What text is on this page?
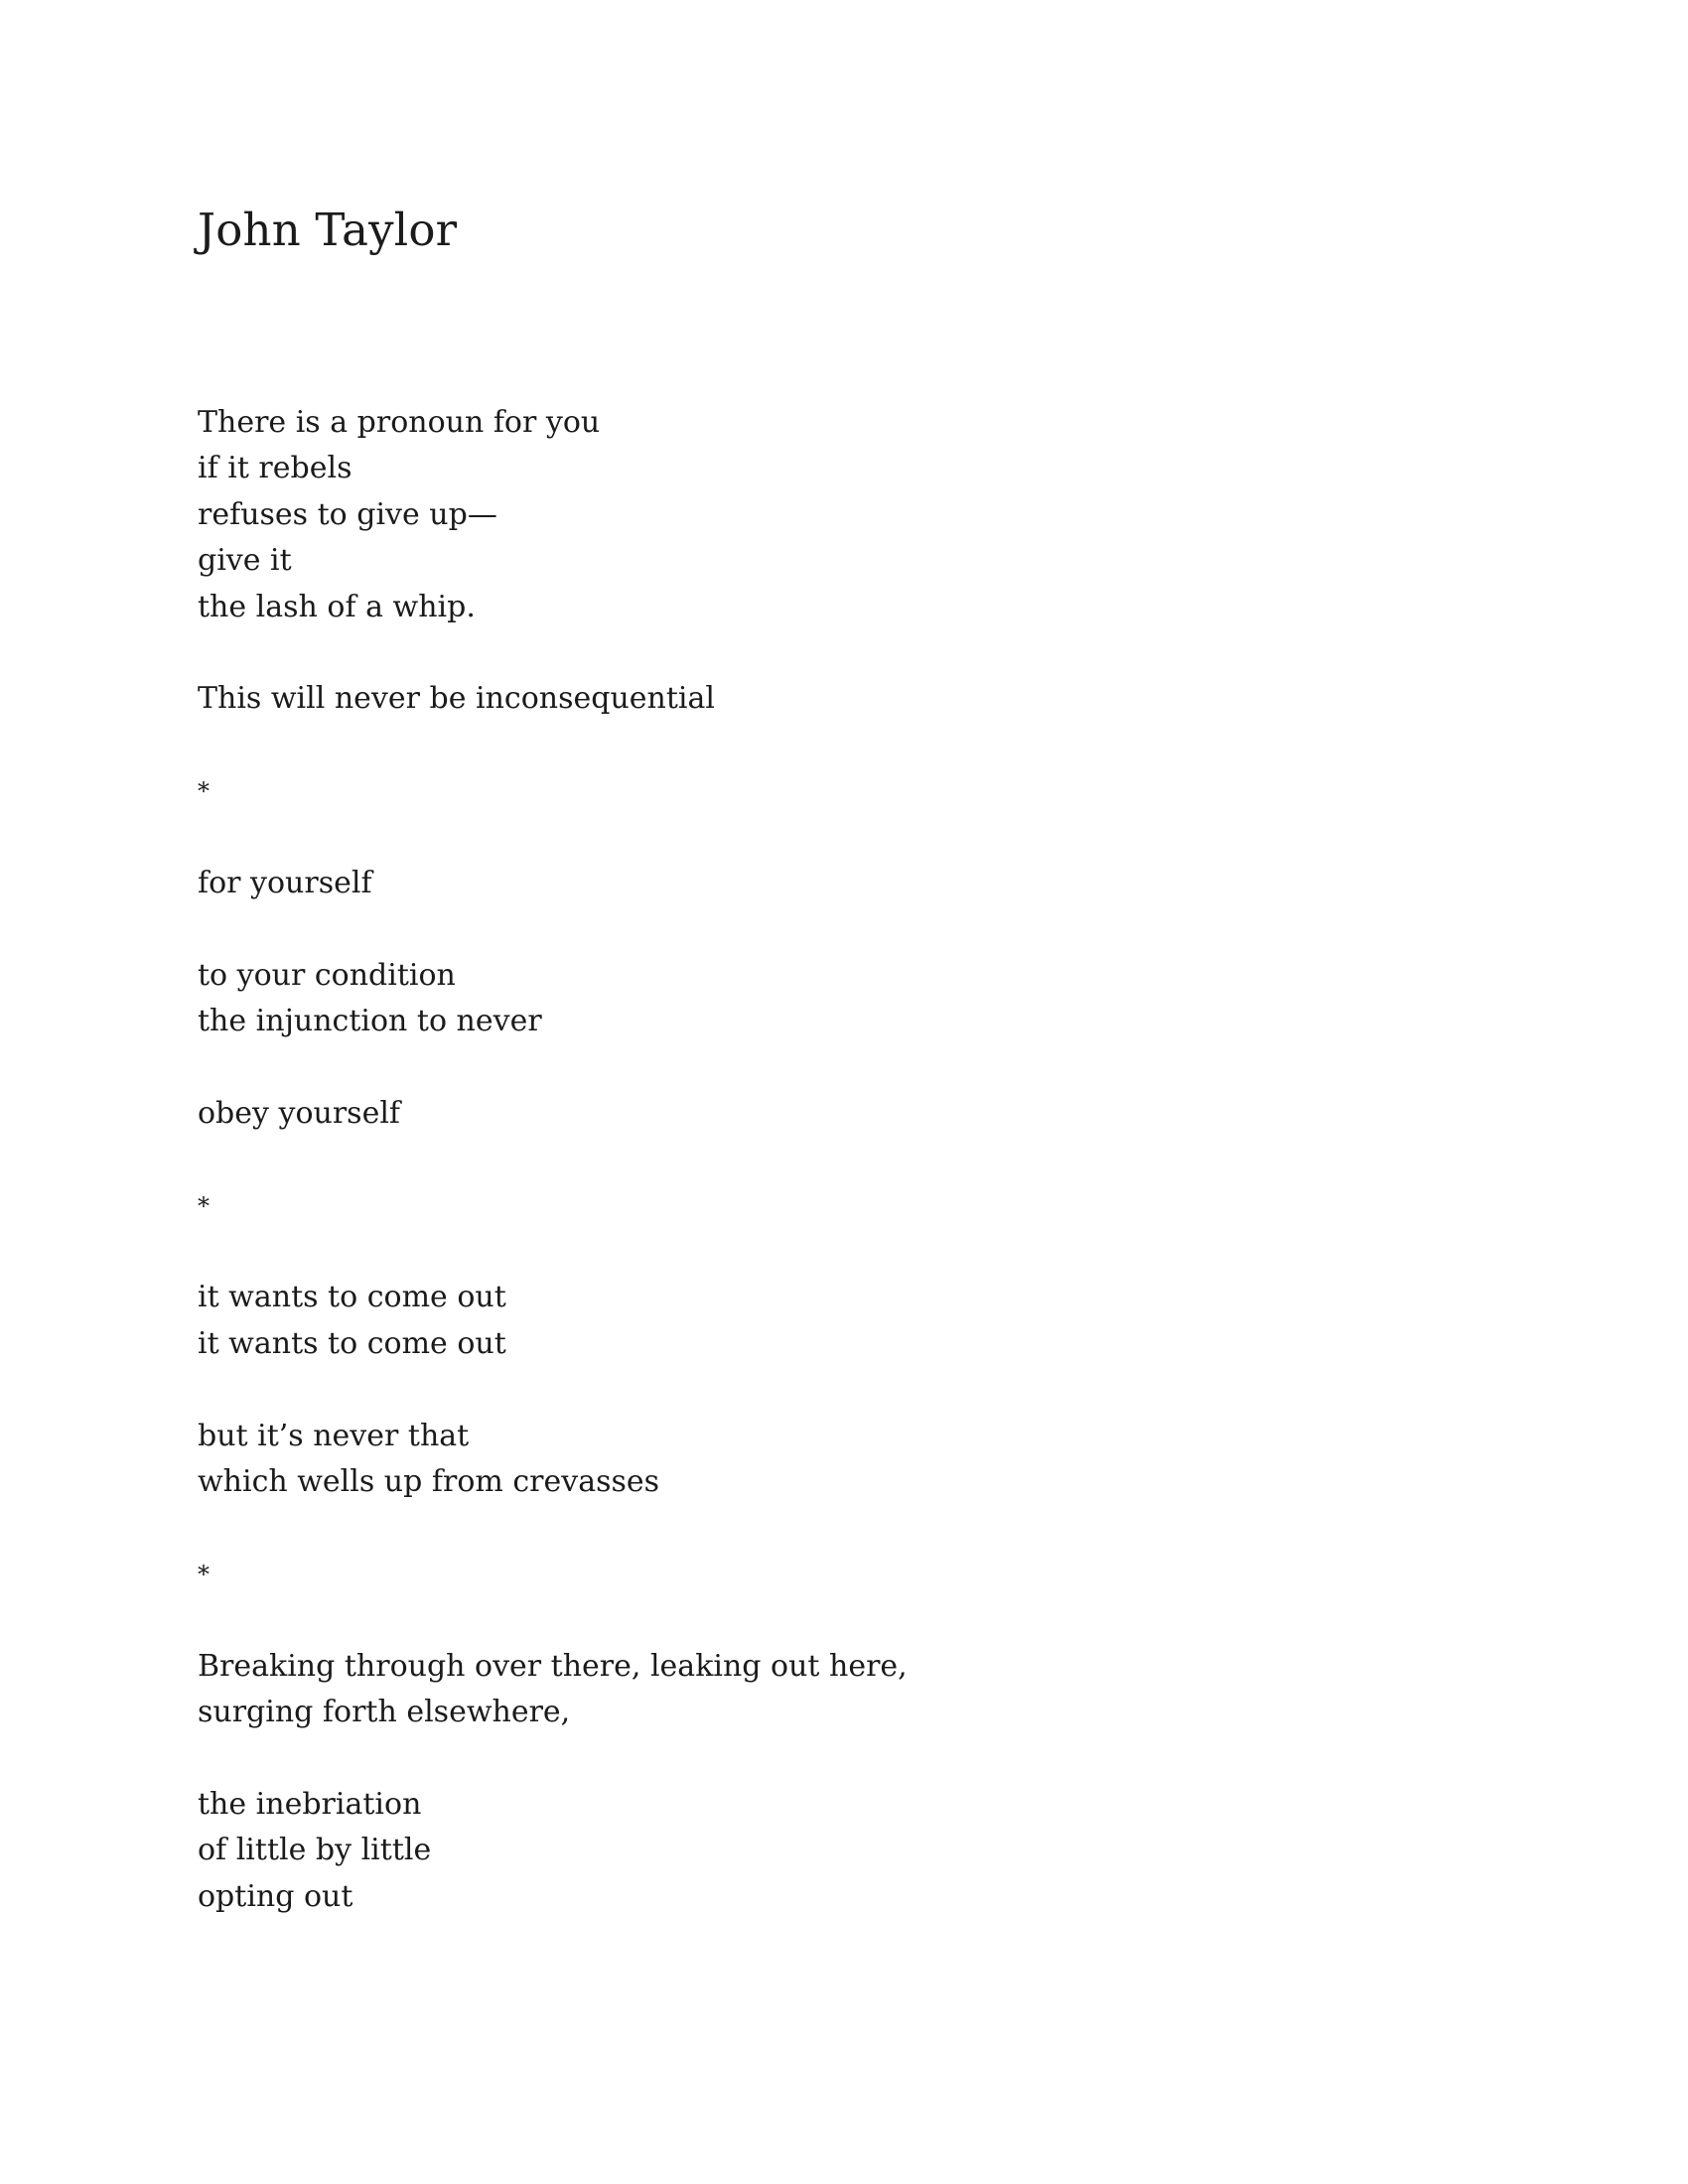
John Taylor
There is a pronoun for you
if it rebels
refuses to give up—
give it
the lash of a whip.
This will never be inconsequential
*
for yourself
to your condition
the injunction to never
obey yourself
*
it wants to come out
it wants to come out
but it’s never that
which wells up from crevasses
*
Breaking through over there, leaking out here,
surging forth elsewhere,
the inebriation
of little by little
opting out
